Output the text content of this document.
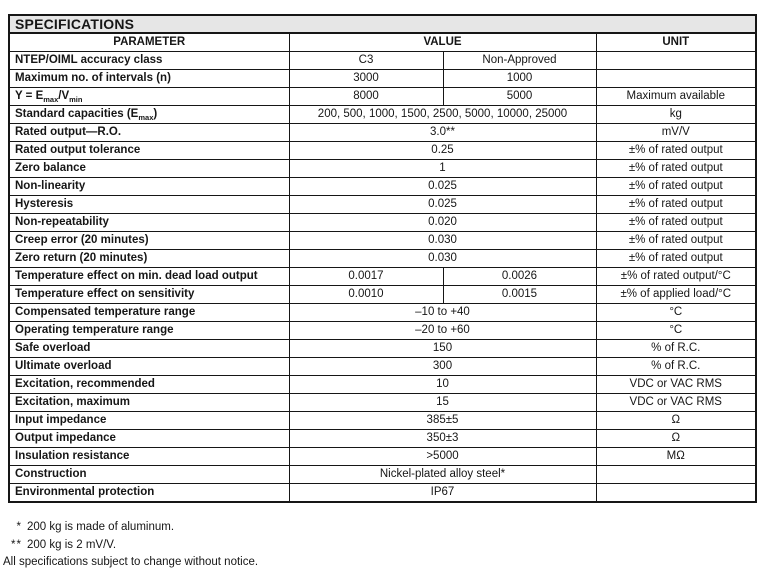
SPECIFICATIONS			
PARAMETER	VALUE		UNIT
NTEP/OIML accuracy class	C3	Non-Approved	
Maximum no. of intervals (n)	3000	1000	
$Y = E_{max}/V_{min}$	8000	5000	Maximum available
Standard capacities $(E_{max})$	200, 500, 1000, 1500, 2500, 5000, 10000, 25000		kg
Rated output—R.O.	3.0**		mV/V
Rated output tolerance	0.25		±% of rated output
Zero balance	1		±% of rated output
Non-linearity	0.025		±% of rated output
Hysteresis	0.025		±% of rated output
Non-repeatability	0.020		±% of rated output
Creep error (20 minutes)	0.030		±% of rated output
Zero return (20 minutes)	0.030		±% of rated output
Temperature effect on min. dead load output	0.0017	0.0026	±% of rated output/°C
Temperature effect on sensitivity	0.0010	0.0015	±% of applied load/°C
Compensated temperature range	–10 to +40		°C
Operating temperature range	–20 to +60		°C
Safe overload	150		% of R.C.
Ultimate overload	300		% of R.C.
Excitation, recommended	10		VDC or VAC RMS
Excitation, maximum	15		VDC or VAC RMS
Input impedance	385±5		Ω
Output impedance	350±3		Ω
Insulation resistance	>5000		MΩ
Construction	Nickel-plated alloy steel*		
Environmental protection	IP67		
* 200 kg is made of aluminum.
** 200 kg is 2 mV/V.
All specifications subject to change without notice.
